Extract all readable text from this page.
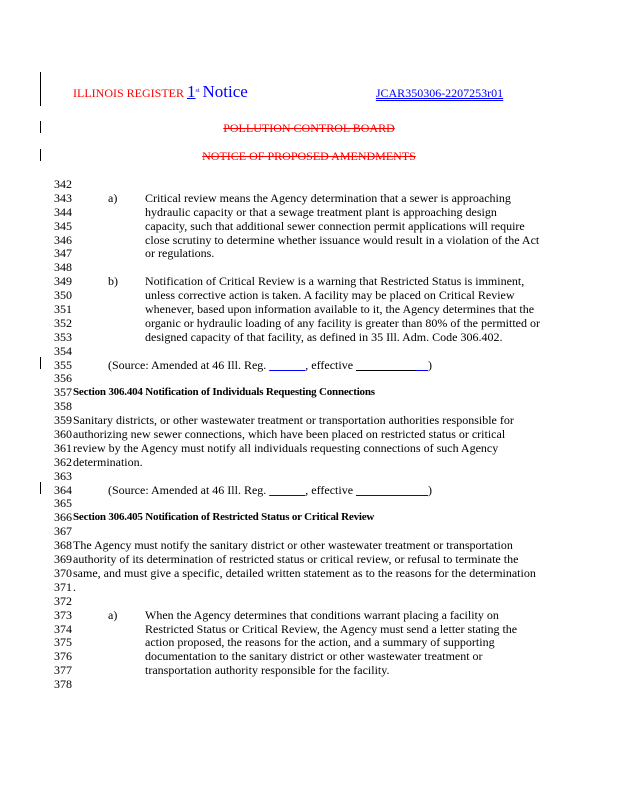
ILLINOIS REGISTER 1st Notice	JCAR350306-2207253r01
POLLUTION CONTROL BOARD
NOTICE OF PROPOSED AMENDMENTS
342
343	a) Critical review means the Agency determination that a sewer is approaching
344	hydraulic capacity or that a sewage treatment plant is approaching design
345	capacity, such that additional sewer connection permit applications will require
346	close scrutiny to determine whether issuance would result in a violation of the Act
347	or regulations.
348
349	b) Notification of Critical Review is a warning that Restricted Status is imminent,
350	unless corrective action is taken. A facility may be placed on Critical Review
351	whenever, based upon information available to it, the Agency determines that the
352	organic or hydraulic loading of any facility is greater than 80% of the permitted or
353	designed capacity of that facility, as defined in 35 Ill. Adm. Code 306.402.
354
355	(Source: Amended at 46 Ill. Reg. ______, effective ____________)
356
357 Section 306.404 Notification of Individuals Requesting Connections
358
359 Sanitary districts, or other wastewater treatment or transportation authorities responsible for
360 authorizing new sewer connections, which have been placed on restricted status or critical
361 review by the Agency must notify all individuals requesting connections of such Agency
362 determination.
363
364	(Source: Amended at 46 Ill. Reg. ______, effective ____________)
365
366 Section 306.405 Notification of Restricted Status or Critical Review
367
368 The Agency must notify the sanitary district or other wastewater treatment or transportation
369 authority of its determination of restricted status or critical review, or refusal to terminate the
370 same, and must give a specific, detailed written statement as to the reasons for the determination
371 .
372
373	a) When the Agency determines that conditions warrant placing a facility on
374	Restricted Status or Critical Review, the Agency must send a letter stating the
375	action proposed, the reasons for the action, and a summary of supporting
376	documentation to the sanitary district or other wastewater treatment or
377	transportation authority responsible for the facility.
378
